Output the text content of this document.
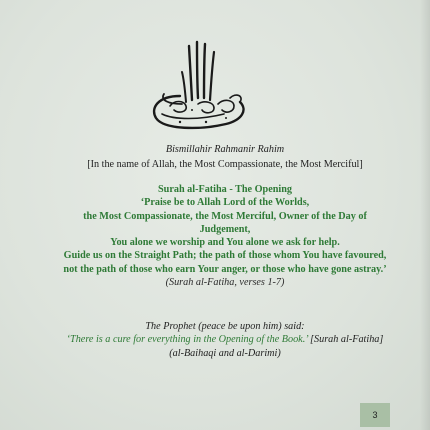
Bismillahir Rahmanir Rahim
[In the name of Allah, the Most Compassionate, the Most Merciful]
Surah al-Fatiha - The Opening
‘Praise be to Allah Lord of the Worlds,
the Most Compassionate, the Most Merciful, Owner of the Day of Judgement,
You alone we worship and You alone we ask for help.
Guide us on the Straight Path; the path of those whom You have favoured,
not the path of those who earn Your anger, or those who have gone astray.’
(Surah al-Fatiha, verses 1-7)
The Prophet (peace be upon him) said:
‘There is a cure for everything in the Opening of the Book.’ [Surah al-Fatiha]
(al-Baihaqi and al-Darimi)
3
